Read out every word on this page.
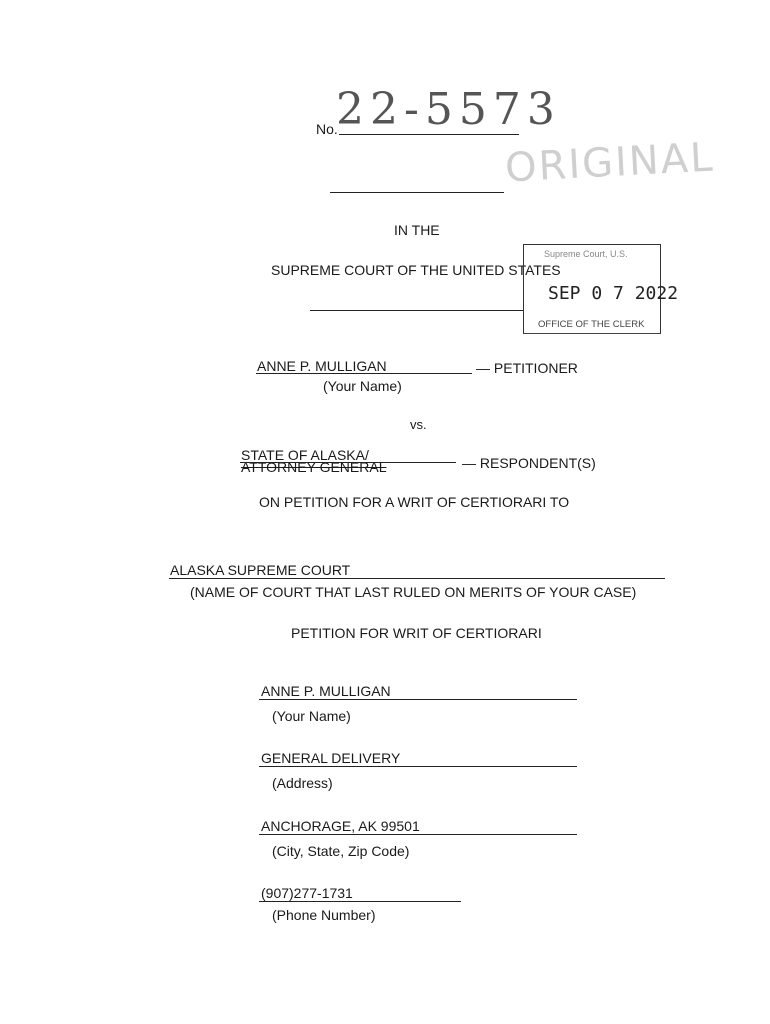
No.
22-5573
ORIGINAL
IN THE
SUPREME COURT OF THE UNITED STATES
Supreme Court, U.S.
SEP 0 7 2022
OFFICE OF THE CLERK
ANNE P. MULLIGAN	— PETITIONER
(Your Name)
vs.
STATE OF ALASKA/
ATTORNEY GENERAL	— RESPONDENT(S)
ON PETITION FOR A WRIT OF CERTIORARI TO
ALASKA SUPREME COURT
(NAME OF COURT THAT LAST RULED ON MERITS OF YOUR CASE)
PETITION FOR WRIT OF CERTIORARI
ANNE P. MULLIGAN
(Your Name)
GENERAL DELIVERY
(Address)
ANCHORAGE, AK 99501
(City, State, Zip Code)
(907)277-1731
(Phone Number)
